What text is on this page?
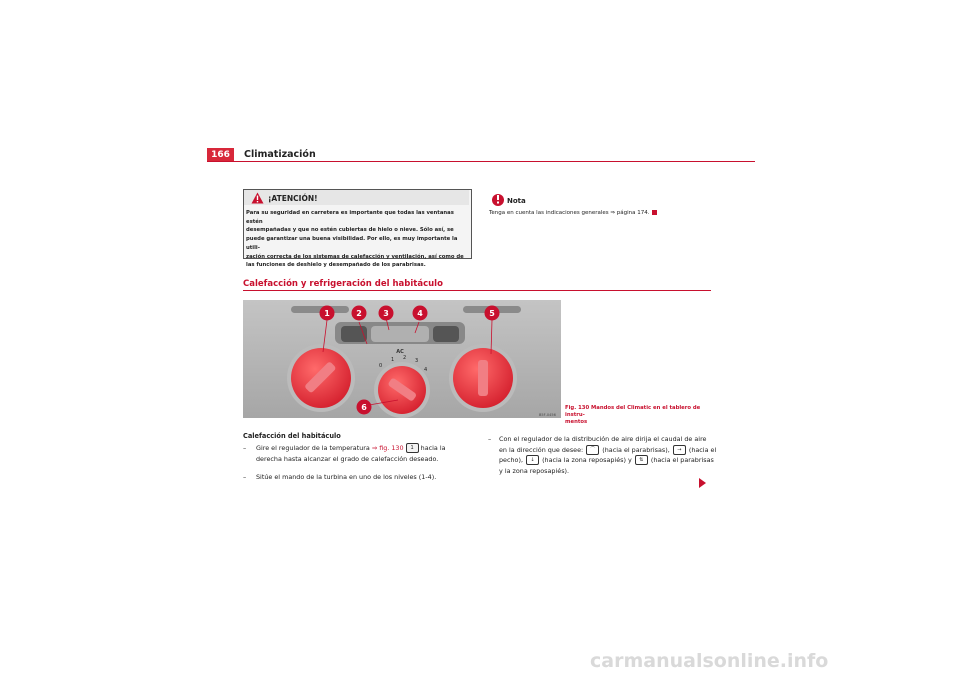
166	Climatización
¡ATENCIÓN!
Para su seguridad en carretera es importante que todas las ventanas estén
desempañadas y que no estén cubiertas de hielo o nieve. Sólo así, se
puede garantizar una buena visibilidad. Por ello, es muy importante la utili-
zación correcta de los sistemas de calefacción y ventilación, así como de
las funciones de deshielo y desempañado de los parabrisas.
Nota
Tenga en cuenta las indicaciones generales ⇒ página 174.
Calefacción y refrigeración del habitáculo
AC
0
1 2 3
4
B5F-0456
1	2	3	4	5
6	Fig. 130 Mandos del Climatic en el tablero de instru-
mentos
Calefacción del habitáculo
–	Gire el regulador de la temperatura ⇒ fig. 130 1 hacia la
derecha hasta alcanzar el grado de calefacción deseado.
–	Sitúe el mando de la turbina en uno de los niveles (1-4).
– Con el regulador de la distribución de aire dirija el caudal de aire
en la dirección que desee: ⌒ (hacia el parabrisas), → (hacia el
pecho), ↓ (hacia la zona reposapiés) y ⇅ (hacia el parabrisas
y la zona reposapiés).
carmanualsonline.info
